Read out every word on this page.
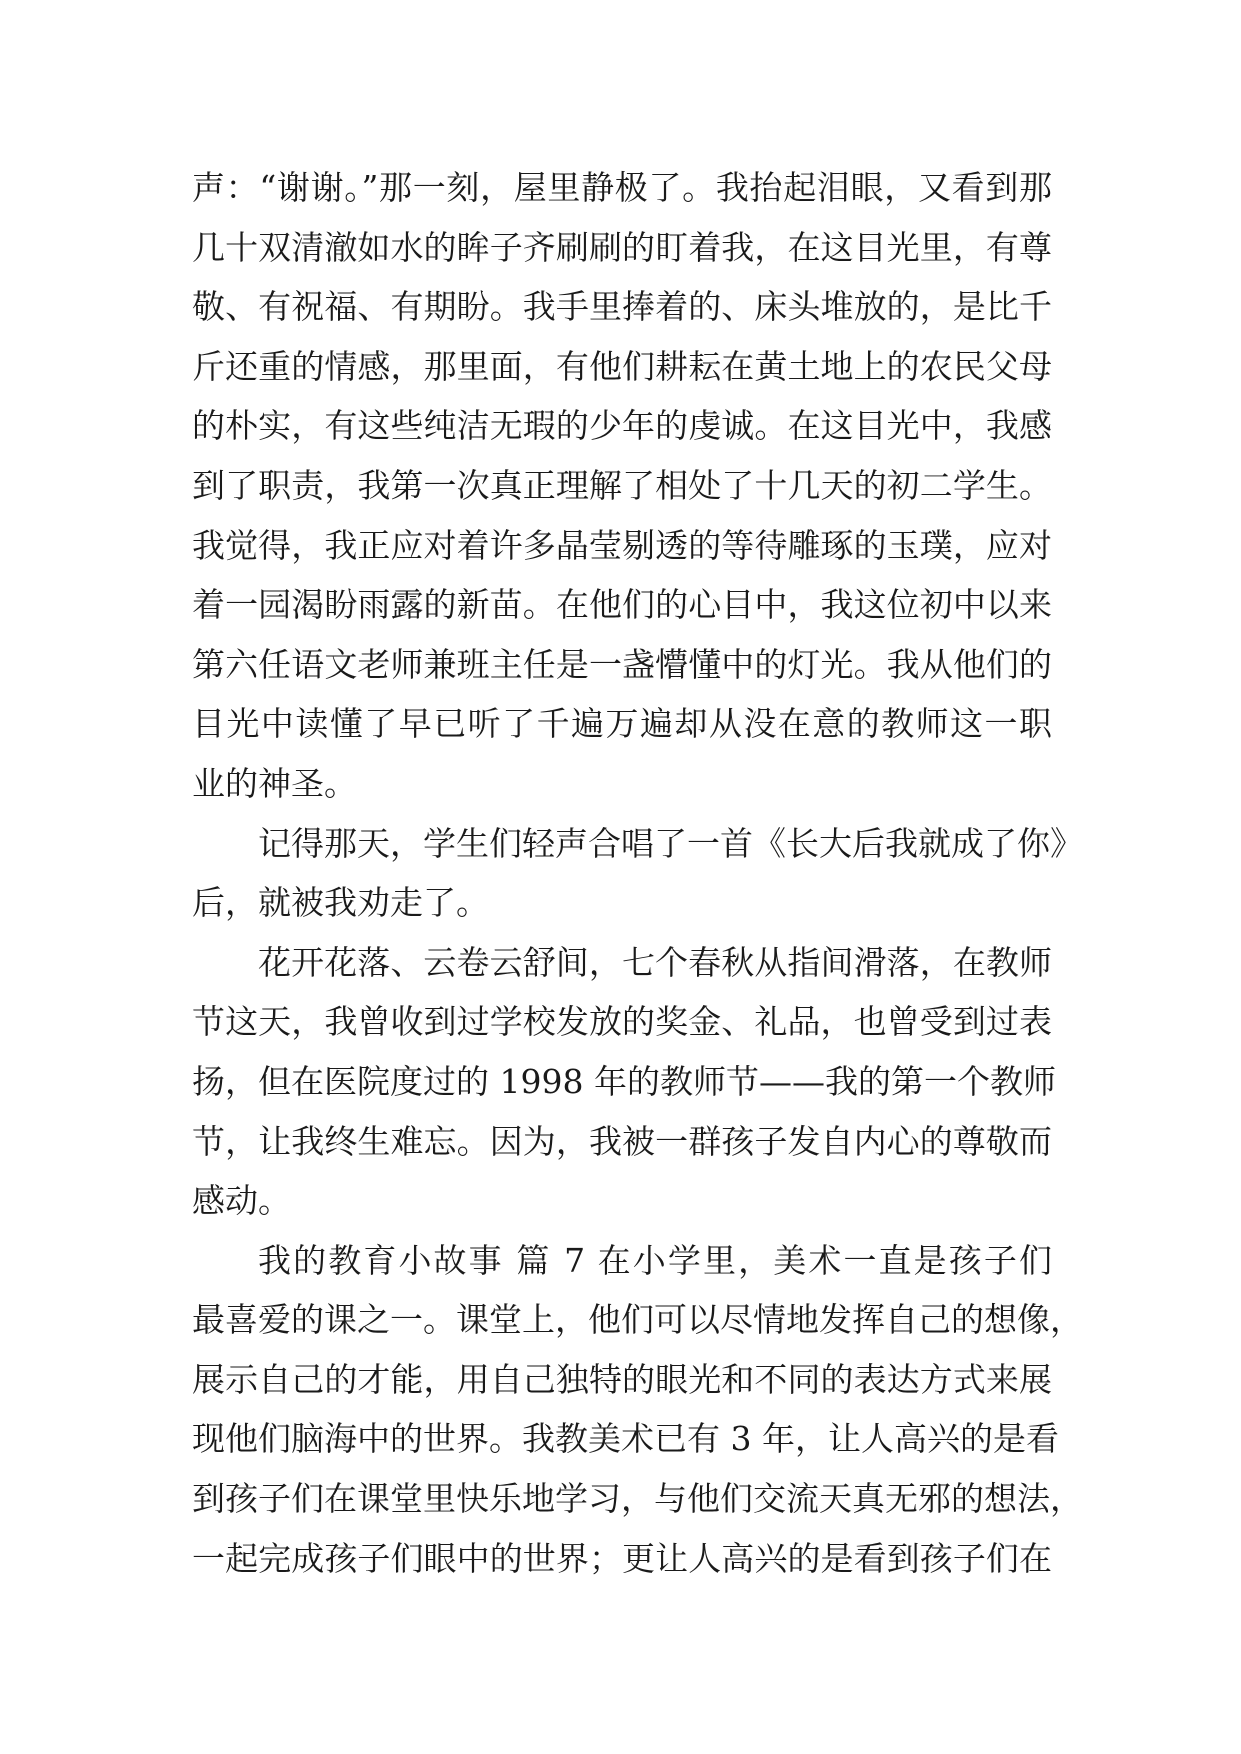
声：“谢谢。”那一刻，屋里静极了。我抬起泪眼，又看到那
几十双清澈如水的眸子齐刷刷的盯着我，在这目光里，有尊
敬、有祝福、有期盼。我手里捧着的、床头堆放的，是比千
斤还重的情感，那里面，有他们耕耘在黄土地上的农民父母
的朴实，有这些纯洁无瑕的少年的虔诚。在这目光中，我感
到了职责，我第一次真正理解了相处了十几天的初二学生。
我觉得，我正应对着许多晶莹剔透的等待雕琢的玉璞，应对
着一园渴盼雨露的新苗。在他们的心目中，我这位初中以来
第六任语文老师兼班主任是一盏懵懂中的灯光。我从他们的
目光中读懂了早已听了千遍万遍却从没在意的教师这一职
业的神圣。
记得那天，学生们轻声合唱了一首《长大后我就成了你》
后，就被我劝走了。
花开花落、云卷云舒间，七个春秋从指间滑落，在教师
节这天，我曾收到过学校发放的奖金、礼品，也曾受到过表
扬，但在医院度过的 1998 年的教师节——我的第一个教师
节，让我终生难忘。因为，我被一群孩子发自内心的尊敬而
感动。
我的教育小故事 篇 7 在小学里，美术一直是孩子们
最喜爱的课之一。课堂上，他们可以尽情地发挥自己的想像，
展示自己的才能，用自己独特的眼光和不同的表达方式来展
现他们脑海中的世界。我教美术已有 3 年，让人高兴的是看
到孩子们在课堂里快乐地学习，与他们交流天真无邪的想法，
一起完成孩子们眼中的世界；更让人高兴的是看到孩子们在
